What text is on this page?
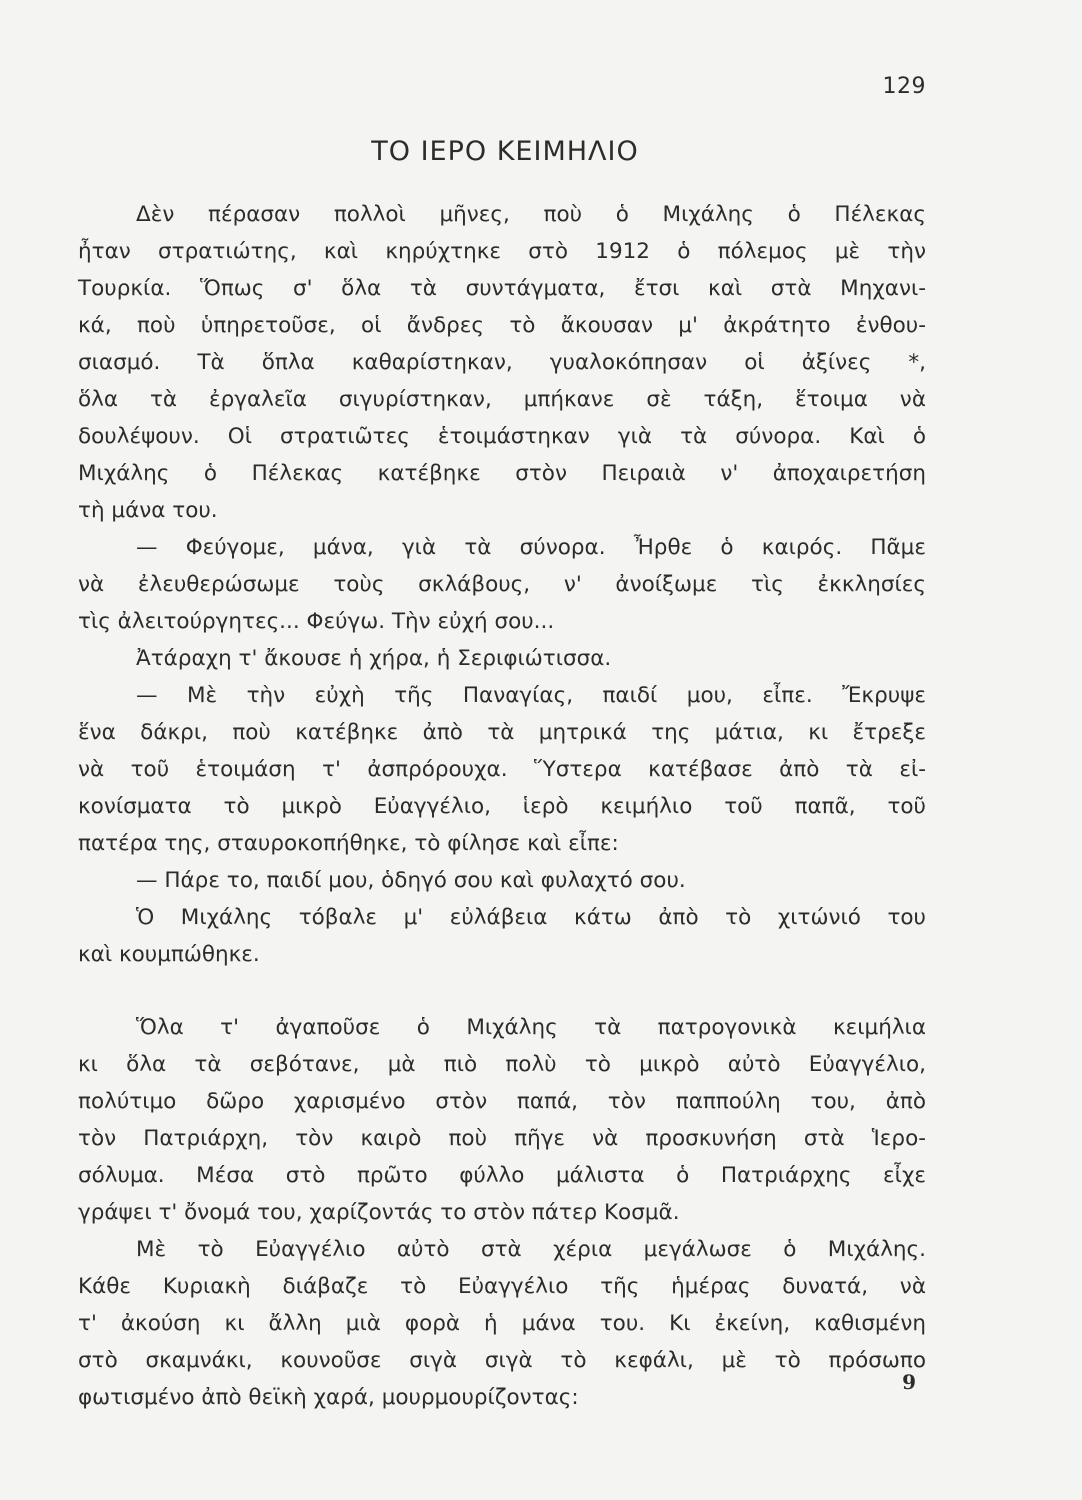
129
ΤΟ ΙΕΡΟ ΚΕΙΜΗΛΙΟ
Δὲν πέρασαν πολλοὶ μῆνες, ποὺ ὁ Μιχάλης ὁ Πέλεκας
ἦταν στρατιώτης, καὶ κηρύχτηκε στὸ 1912 ὁ πόλεμος μὲ τὴν
Τουρκία. Ὅπως σ' ὅλα τὰ συντάγματα, ἔτσι καὶ στὰ Μηχανι-
κά, ποὺ ὑπηρετοῦσε, οἱ ἄνδρες τὸ ἄκουσαν μ' ἀκράτητο ἐνθου-
σιασμό. Τὰ ὅπλα καθαρίστηκαν, γυαλοκόπησαν οἱ ἀξίνες *,
ὅλα τὰ ἐργαλεῖα σιγυρίστηκαν, μπήκανε σὲ τάξη, ἕτοιμα νὰ
δουλέψουν. Οἱ στρατιῶτες ἑτοιμάστηκαν γιὰ τὰ σύνορα. Καὶ ὁ
Μιχάλης ὁ Πέλεκας κατέβηκε στὸν Πειραιὰ ν' ἀποχαιρετήση
τὴ μάνα του.
— Φεύγομε, μάνα, γιὰ τὰ σύνορα. Ἦρθε ὁ καιρός. Πᾶμε
νὰ ἐλευθερώσωμε τοὺς σκλάβους, ν' ἀνοίξωμε τὶς ἐκκλησίες
τὶς ἀλειτούργητες... Φεύγω. Τὴν εὐχή σου...
Ἀτάραχη τ' ἄκουσε ἡ χήρα, ἡ Σεριφιώτισσα.
— Μὲ τὴν εὐχὴ τῆς Παναγίας, παιδί μου, εἶπε. Ἔκρυψε
ἕνα δάκρι, ποὺ κατέβηκε ἀπὸ τὰ μητρικά της μάτια, κι ἔτρεξε
νὰ τοῦ ἑτοιμάση τ' ἀσπρόρουχα. Ὕστερα κατέβασε ἀπὸ τὰ εἰ-
κονίσματα τὸ μικρὸ Εὐαγγέλιο, ἱερὸ κειμήλιο τοῦ παπᾶ, τοῦ
πατέρα της, σταυροκοπήθηκε, τὸ φίλησε καὶ εἶπε:
— Πάρε το, παιδί μου, ὁδηγό σου καὶ φυλαχτό σου.
Ὁ Μιχάλης τόβαλε μ' εὐλάβεια κάτω ἀπὸ τὸ χιτώνιό του
καὶ κουμπώθηκε.
Ὅλα τ' ἀγαποῦσε ὁ Μιχάλης τὰ πατρογονικὰ κειμήλια
κι ὅλα τὰ σεβότανε, μὰ πιὸ πολὺ τὸ μικρὸ αὐτὸ Εὐαγγέλιο,
πολύτιμο δῶρο χαρισμένο στὸν παπά, τὸν παππούλη του, ἀπὸ
τὸν Πατριάρχη, τὸν καιρὸ ποὺ πῆγε νὰ προσκυνήση στὰ Ἱερο-
σόλυμα. Μέσα στὸ πρῶτο φύλλο μάλιστα ὁ Πατριάρχης εἶχε
γράψει τ' ὄνομά του, χαρίζοντάς το στὸν πάτερ Κοσμᾶ.
Μὲ τὸ Εὐαγγέλιο αὐτὸ στὰ χέρια μεγάλωσε ὁ Μιχάλης.
Κάθε Κυριακὴ διάβαζε τὸ Εὐαγγέλιο τῆς ἡμέρας δυνατά, νὰ
τ' ἀκούση κι ἄλλη μιὰ φορὰ ἡ μάνα του. Κι ἐκείνη, καθισμένη
στὸ σκαμνάκι, κουνοῦσε σιγὰ σιγὰ τὸ κεφάλι, μὲ τὸ πρόσωπο
φωτισμένο ἀπὸ θεϊκὴ χαρά, μουρμουρίζοντας:
9
